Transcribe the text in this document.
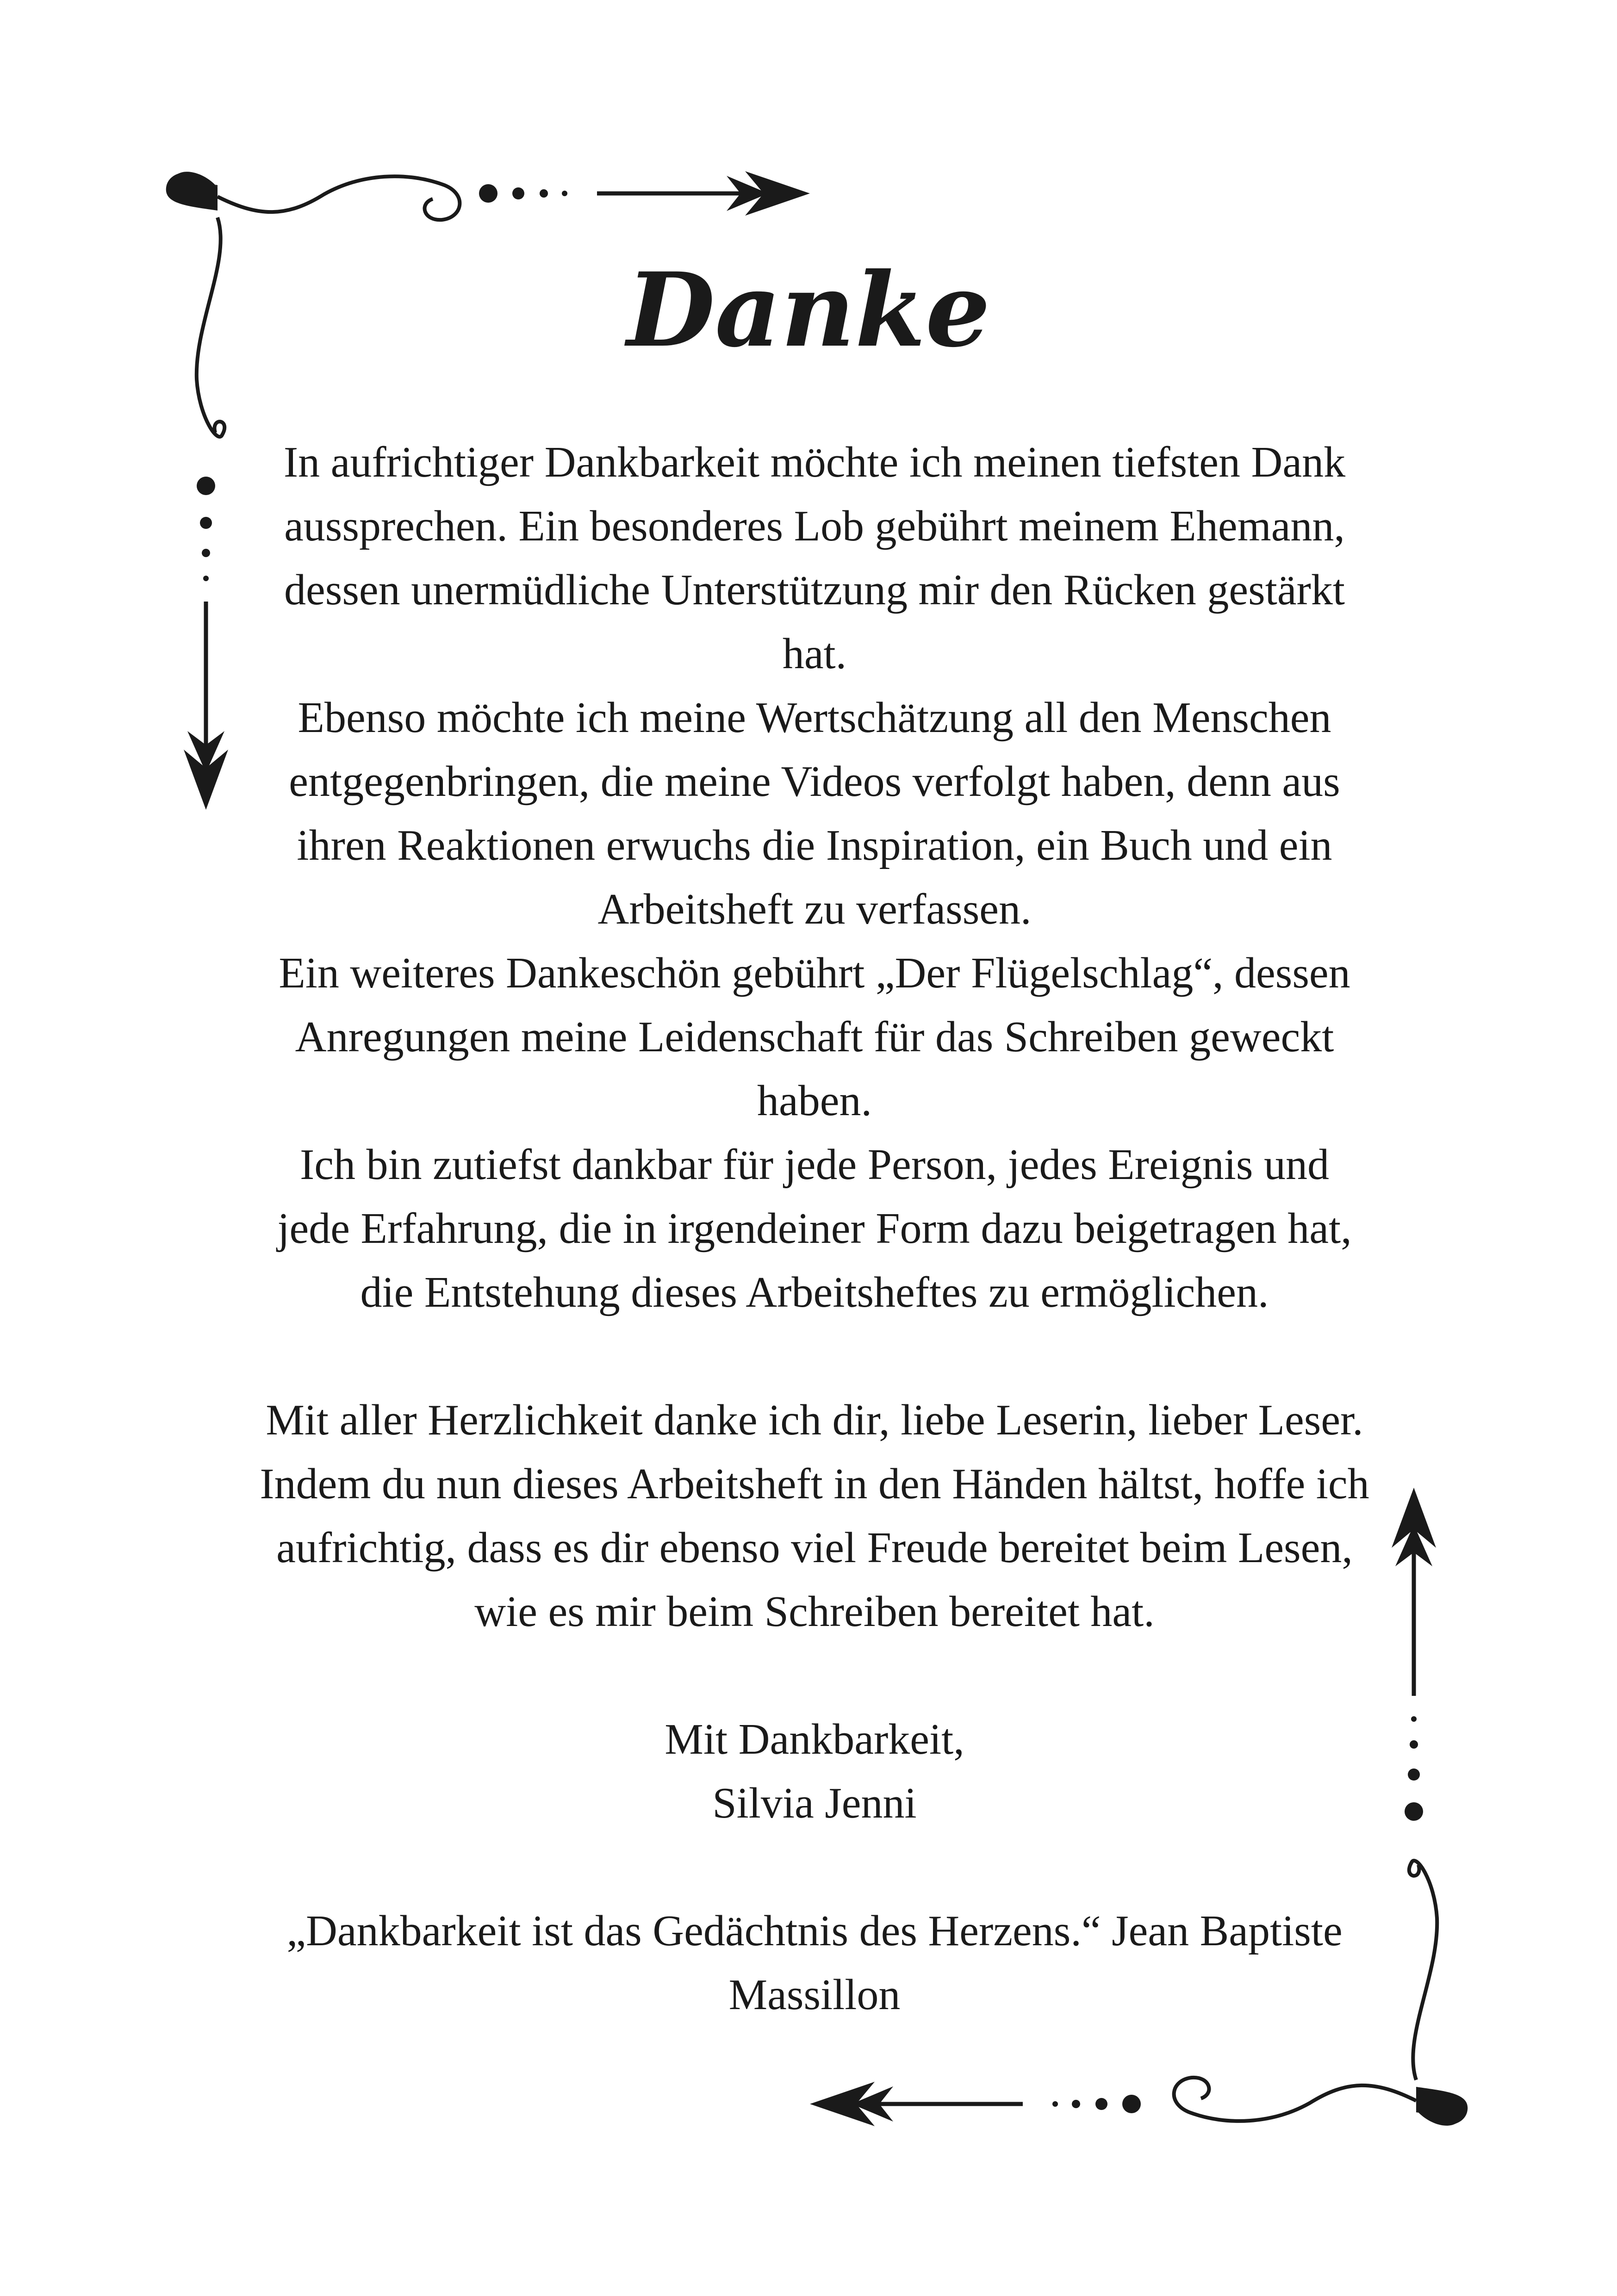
Danke

In aufrichtiger Dankbarkeit möchte ich meinen tiefsten Dank aussprechen. Ein besonderes Lob gebührt meinem Ehemann, dessen unermüdliche Unterstützung mir den Rücken gestärkt hat.

Ebenso möchte ich meine Wertschätzung all den Menschen entgegenbringen, die meine Videos verfolgt haben, denn aus ihren Reaktionen erwuchs die Inspiration, ein Buch und ein Arbeitsheft zu verfassen.

Ein weiteres Dankeschön gebührt „Der Flügelschlag“, dessen Anregungen meine Leidenschaft für das Schreiben geweckt haben.

Ich bin zutiefst dankbar für jede Person, jedes Ereignis und jede Erfahrung, die in irgendeiner Form dazu beigetragen hat, die Entstehung dieses Arbeitsheftes zu ermöglichen.

Mit aller Herzlichkeit danke ich dir, liebe Leserin, lieber Leser. Indem du nun dieses Arbeitsheft in den Händen hältst, hoffe ich aufrichtig, dass es dir ebenso viel Freude bereitet beim Lesen, wie es mir beim Schreiben bereitet hat.

Mit Dankbarkeit,

Silvia Jenni

„Dankbarkeit ist das Gedächtnis des Herzens.“ Jean Baptiste Massillon
